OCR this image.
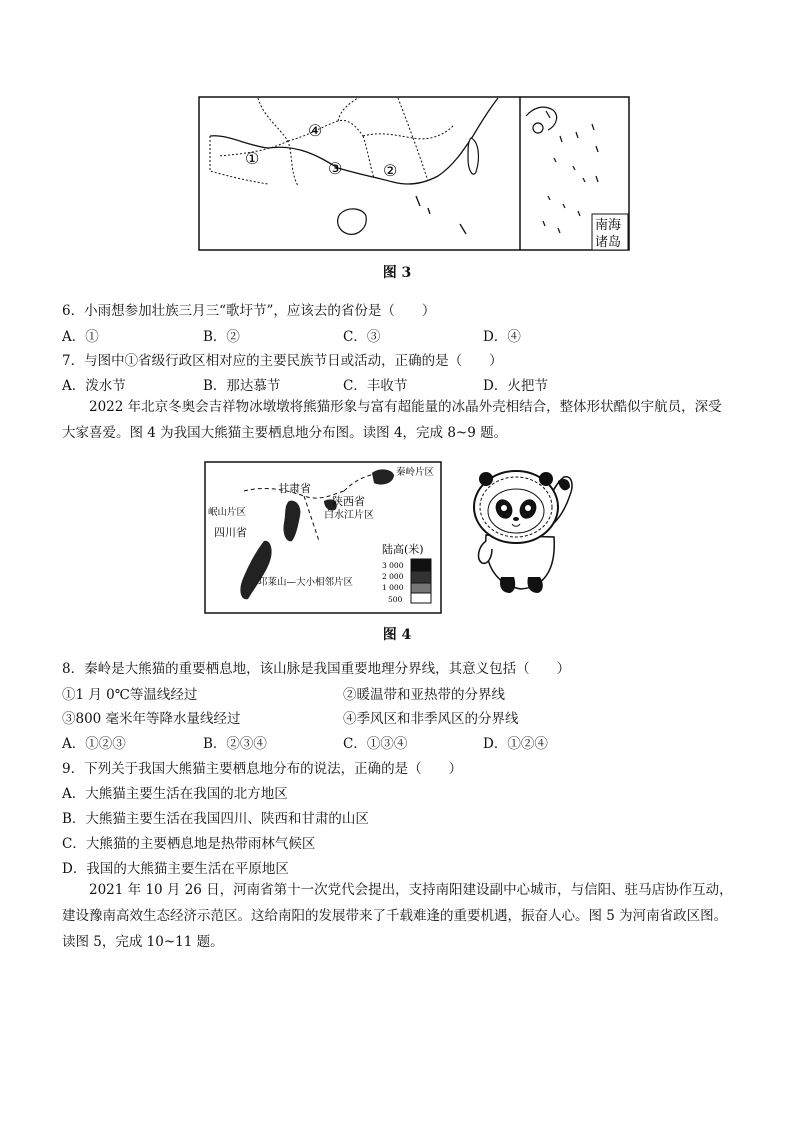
①
④
③	②
南海
诸岛
图 3
6．小雨想参加壮族三月三“歌圩节”，应该去的省份是（　　）
A．①	B．②	C．③	D．④
7．与图中①省级行政区相对应的主要民族节日或活动，正确的是（　　）
A．泼水节	B．那达慕节	C．丰收节	D．火把节
2022 年北京冬奥会吉祥物冰墩墩将熊猫形象与富有超能量的冰晶外壳相结合，整体形状酷似宇航员，深受大家喜爱。图 4 为我国大熊猫主要栖息地分布图。读图 4，完成 8~9 题。
秦岭片区
甘肃省
陕西省
白水江片区
岷山片区
四川省
邛莱山—大小相邻片区
陆高(米)
3 000
2 000
1 000
500
图 4
8．秦岭是大熊猫的重要栖息地，该山脉是我国重要地理分界线，其意义包括（　　）
①1 月 0℃等温线经过	②暖温带和亚热带的分界线
③800 毫米年等降水量线经过	④季风区和非季风区的分界线
A．①②③	B．②③④	C．①③④	D．①②④
9．下列关于我国大熊猫主要栖息地分布的说法，正确的是（　　）
A．大熊猫主要生活在我国的北方地区
B．大熊猫主要生活在我国四川、陕西和甘肃的山区
C．大熊猫的主要栖息地是热带雨林气候区
D．我国的大熊猫主要生活在平原地区
2021 年 10 月 26 日，河南省第十一次党代会提出，支持南阳建设副中心城市，与信阳、驻马店协作互动，建设豫南高效生态经济示范区。这给南阳的发展带来了千载难逢的重要机遇，振奋人心。图 5 为河南省政区图。读图 5，完成 10~11 题。
